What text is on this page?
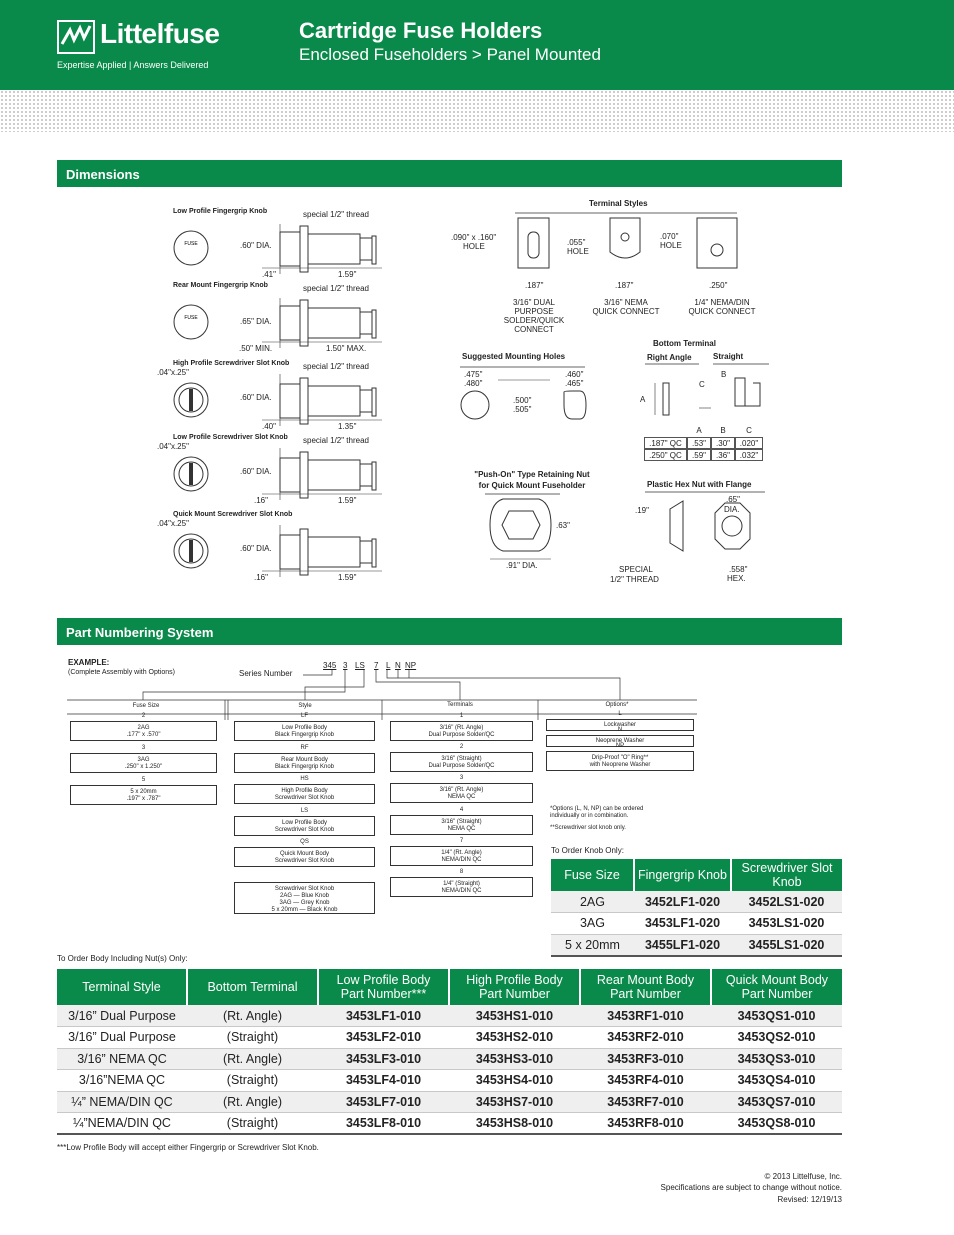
Littelfuse
Expertise Applied | Answers Delivered
Cartridge Fuse Holders
Enclosed Fuseholders > Panel Mounted
Dimensions
Low Profile Fingergrip Knob	special 1/2" thread
.60" DIA.
.41"	1.59"
FUSE
Rear Mount Fingergrip Knob	special 1/2" thread
.65" DIA.
.50" MIN.	1.50" MAX.
FUSE
High Profile Screwdriver Slot Knob special 1/2" thread
.60" DIA.
.04"x.25"
.40"	1.35"
Low Profile Screwdriver Slot Knob special 1/2" thread
.60" DIA.
.04"x.25"
.16"	1.59"
Quick Mount Screwdriver Slot Knob
.60" DIA.
.04"x.25"
.16"	1.59"
Terminal Styles
.090" x .160"
HOLE
.187"
3/16" DUAL
PURPOSE
SOLDER/QUICK
CONNECT
.055"
HOLE
.187"
3/16" NEMA
QUICK CONNECT
.070"
HOLE
.250"
1/4" NEMA/DIN
QUICK CONNECT
Suggested Mounting Holes
.475"
.480"
.500"
.505"
.460"
.465"
Bottom Terminal
Right Angle	Straight
A
B
C
A	B	C
.187" QC	.53"	.30"	.020"
.250" QC	.59"	.36"	.032"
"Push-On" Type Retaining Nut
for Quick Mount Fuseholder
.63"
.91" DIA.
Plastic Hex Nut with Flange
.65"
DIA.
.19"
SPECIAL
1/2" THREAD
.558"
HEX.
Part Numbering System
EXAMPLE:
(Complete Assembly with Options)	Series Number
345 3 LS 7 L N NP
Fuse Size	Style	Terminals	Options*
2
2AG
.177" x .570"
3
3AG
.250" x 1.250"
5
5 x 20mm
.197" x .787"
LF
Low Profile Body
Black Fingergrip Knob
RF
Rear Mount Body
Black Fingergrip Knob
HS
High Profile Body
Screwdriver Slot Knob
LS
Low Profile Body
Screwdriver Slot Knob
QS
Quick Mount Body
Screwdriver Slot Knob
Screwdriver Slot Knob
2AG — Blue Knob
3AG — Grey Knob
5 x 20mm — Black Knob
1
3/16" (Rt. Angle)
Dual Purpose Solder/QC
2
3/16" (Straight)
Dual Purpose Solder/QC
3
3/16" (Rt. Angle)
NEMA QC
4
3/16" (Straight)
NEMA QC
7
1/4" (Rt. Angle)
NEMA/DIN QC
8
1/4" (Straight)
NEMA/DIN QC
L
Lockwasher
N
Neoprene Washer
NP
Drip-Proof "O" Ring**
with Neoprene Washer
*Options (L, N, NP) can be ordered
individually or in combination.
**Screwdriver slot knob only.
To Order Knob Only:
Fuse Size	Fingergrip Knob	Screwdriver Slot Knob
2AG	3452LF1-020	3452LS1-020
3AG	3453LF1-020	3453LS1-020
5 x 20mm	3455LF1-020	3455LS1-020
To Order Body Including Nut(s) Only:
Terminal Style	Bottom Terminal	Low Profile Body Part Number***	High Profile Body Part Number	Rear Mount Body Part Number	Quick Mount Body Part Number
3/16” Dual Purpose	(Rt. Angle)	3453LF1-010	3453HS1-010	3453RF1-010	3453QS1-010
3/16” Dual Purpose	(Straight)	3453LF2-010	3453HS2-010	3453RF2-010	3453QS2-010
3/16” NEMA QC	(Rt. Angle)	3453LF3-010	3453HS3-010	3453RF3-010	3453QS3-010
3/16”NEMA QC	(Straight)	3453LF4-010	3453HS4-010	3453RF4-010	3453QS4-010
¼” NEMA/DIN QC	(Rt. Angle)	3453LF7-010	3453HS7-010	3453RF7-010	3453QS7-010
¼”NEMA/DIN QC	(Straight)	3453LF8-010	3453HS8-010	3453RF8-010	3453QS8-010
***Low Profile Body will accept either Fingergrip or Screwdriver Slot Knob.
© 2013 Littelfuse, Inc.
Specifications are subject to change without notice.
Revised: 12/19/13
